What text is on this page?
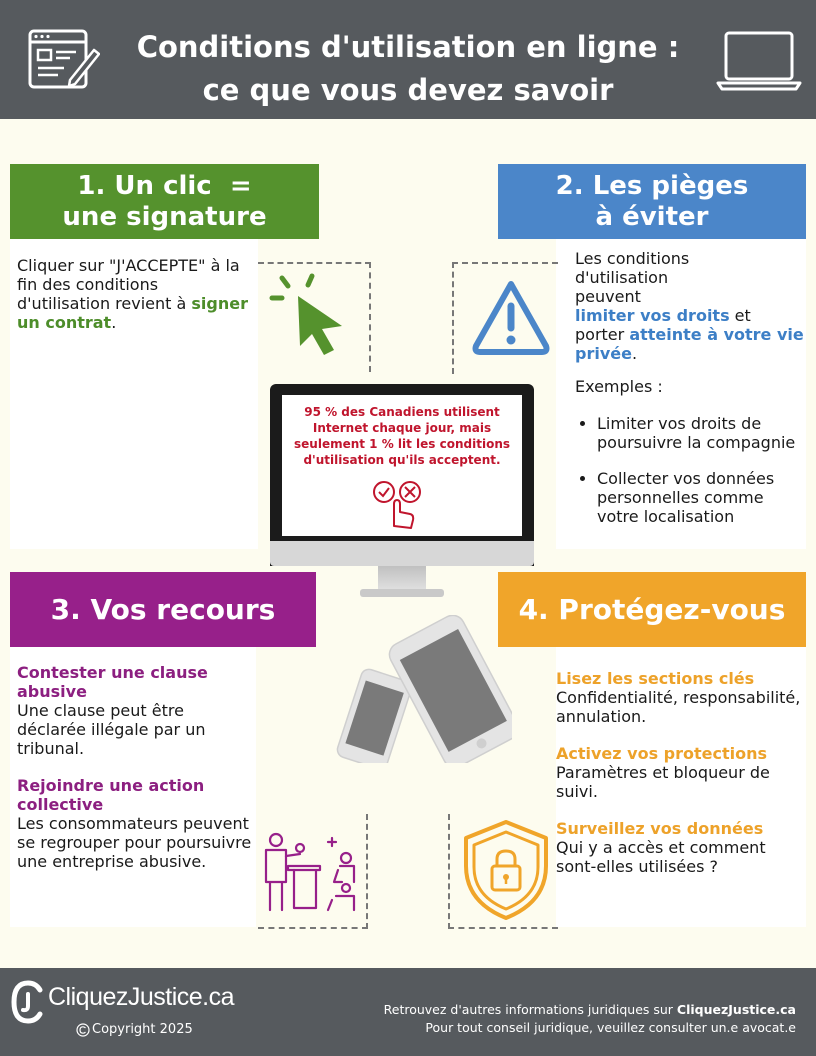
Conditions d'utilisation en ligne :
ce que vous devez savoir
1. Un clic  =
une signature
Cliquer sur "J'ACCEPTE" à la fin des conditions d'utilisation revient à signer un contrat.
2. Les pièges
à éviter
Les conditions d'utilisation peuvent
limiter vos droits et porter atteinte à votre vie privée.
Exemples :
• Limiter vos droits de poursuivre la compagnie
• Collecter vos données personnelles comme votre localisation
95 % des Canadiens utilisent Internet chaque jour, mais seulement 1 % lit les conditions d'utilisation qu'ils acceptent.
3. Vos recours
Contester une clause abusive
Une clause peut être déclarée illégale par un tribunal.
Rejoindre une action collective
Les consommateurs peuvent se regrouper pour poursuivre une entreprise abusive.
4. Protégez-vous
Lisez les sections clés
Confidentialité, responsabilité, annulation.
Activez vos protections
Paramètres et bloqueur de suivi.
Surveillez vos données
Qui y a accès et comment  sont-elles utilisées ?
CliquezJustice.ca
Copyright 2025
Retrouvez d'autres informations juridiques sur CliquezJustice.ca
Pour tout conseil juridique, veuillez consulter un.e avocat.e
